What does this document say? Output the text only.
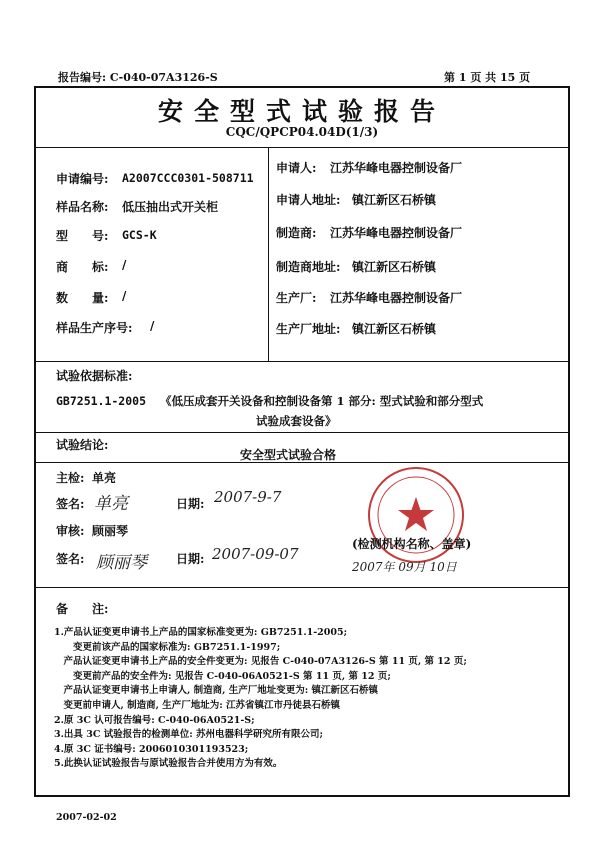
报告编号: C-040-07A3126-S	第 1 页 共 15 页
安全型式试验报告
CQC/QPCP04.04D(1/3)
申请编号: A2007CCC0301-508711
样品名称: 低压抽出式开关柜
型　　号: GCS-K
商　　标: /
数　　量: /
样品生产序号: /
申请人: 江苏华峰电器控制设备厂
申请人地址: 镇江新区石桥镇
制造商: 江苏华峰电器控制设备厂
制造商地址: 镇江新区石桥镇
生产厂: 江苏华峰电器控制设备厂
生产厂地址: 镇江新区石桥镇
试验依据标准:
GB7251.1-2005 《低压成套开关设备和控制设备第 1 部分: 型式试验和部分型式
试验成套设备》
试验结论:
安全型式试验合格
主检: 单亮
签名: 单亮	日期: 2007-9-7
审核: 顾丽琴
签名: 顾丽琴 日期: 2007-09-07
(检测机构名称、盖章)
2007年 09月 10日
备　　注:
1.产品认证变更申请书上产品的国家标准变更为: GB7251.1-2005;
　　变更前该产品的国家标准为: GB7251.1-1997;
　产品认证变更申请书上产品的安全件变更为: 见报告 C-040-07A3126-S 第 11 页, 第 12 页;
　　变更前产品的安全件为: 见报告 C-040-06A0521-S 第 11 页, 第 12 页;
　产品认证变更申请书上申请人, 制造商, 生产厂地址变更为: 镇江新区石桥镇
　变更前申请人, 制造商, 生产厂地址为: 江苏省镇江市丹徒县石桥镇
2.原 3C 认可报告编号: C-040-06A0521-S;
3.出具 3C 试验报告的检测单位: 苏州电器科学研究所有限公司;
4.原 3C 证书编号: 2006010301193523;
5.此换认证试验报告与原试验报告合并使用方为有效。
2007-02-02
